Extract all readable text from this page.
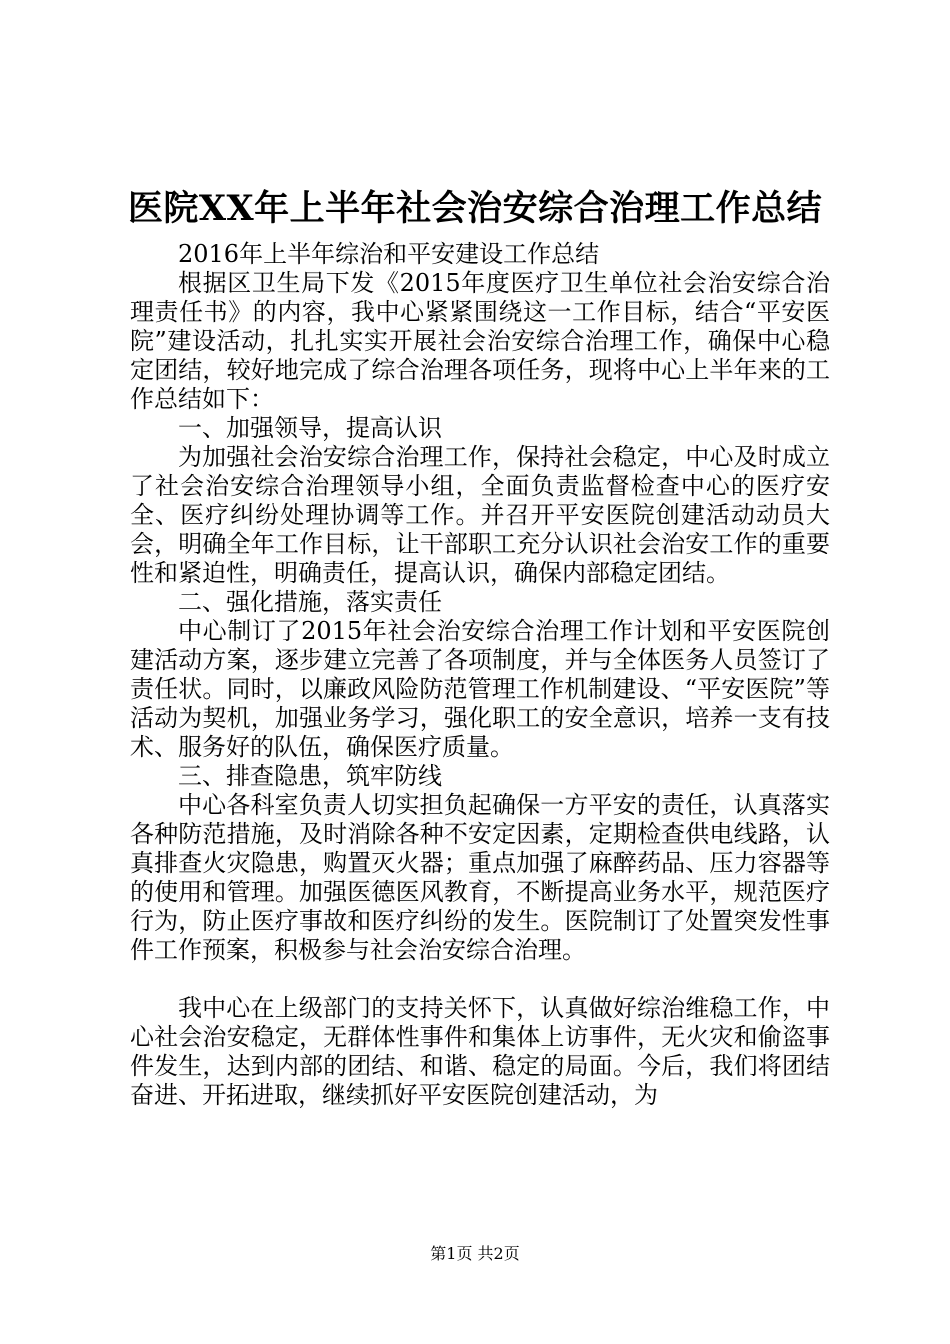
医院XX年上半年社会治安综合治理工作总结

2016年上半年综治和平安建设工作总结

根据区卫生局下发《2015年度医疗卫生单位社会治安综合治理责任书》的内容，我中心紧紧围绕这一工作目标，结合“平安医院”建设活动，扎扎实实开展社会治安综合治理工作，确保中心稳定团结，较好地完成了综合治理各项任务，现将中心上半年来的工作总结如下：

一、加强领导，提高认识

为加强社会治安综合治理工作，保持社会稳定，中心及时成立了社会治安综合治理领导小组，全面负责监督检查中心的医疗安全、医疗纠纷处理协调等工作。并召开平安医院创建活动动员大会，明确全年工作目标，让干部职工充分认识社会治安工作的重要性和紧迫性，明确责任，提高认识，确保内部稳定团结。

二、强化措施，落实责任

中心制订了2015年社会治安综合治理工作计划和平安医院创建活动方案，逐步建立完善了各项制度，并与全体医务人员签订了责任状。同时，以廉政风险防范管理工作机制建设、“平安医院”等活动为契机，加强业务学习，强化职工的安全意识，培养一支有技术、服务好的队伍，确保医疗质量。

三、排查隐患，筑牢防线

中心各科室负责人切实担负起确保一方平安的责任，认真落实各种防范措施，及时消除各种不安定因素，定期检查供电线路，认真排查火灾隐患，购置灭火器；重点加强了麻醉药品、压力容器等的使用和管理。加强医德医风教育，不断提高业务水平，规范医疗行为，防止医疗事故和医疗纠纷的发生。医院制订了处置突发性事件工作预案，积极参与社会治安综合治理。

我中心在上级部门的支持关怀下，认真做好综治维稳工作，中心社会治安稳定，无群体性事件和集体上访事件，无火灾和偷盗事件发生，达到内部的团结、和谐、稳定的局面。今后，我们将团结奋进、开拓进取，继续抓好平安医院创建活动，为

第1页 共2页
